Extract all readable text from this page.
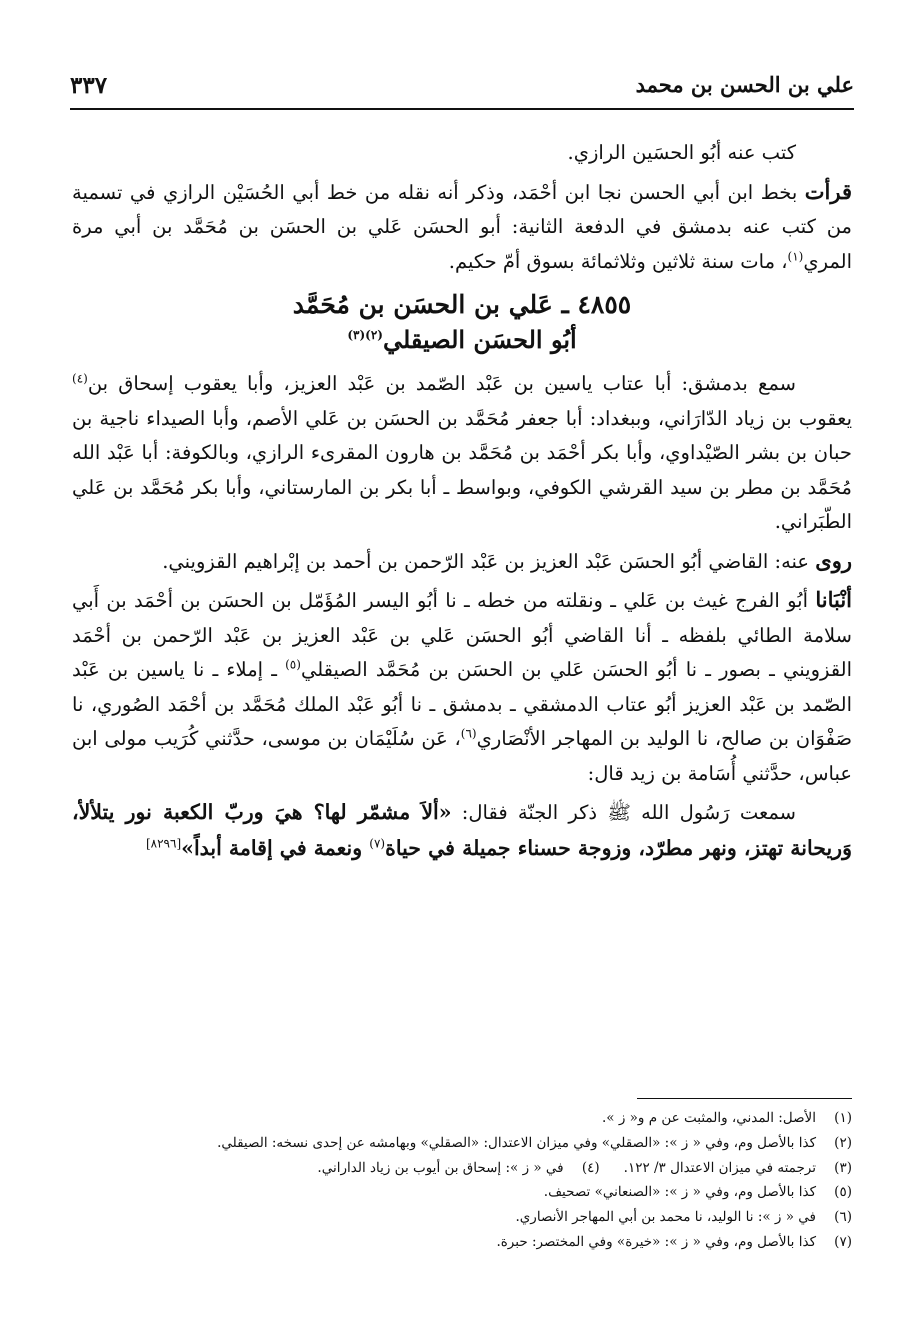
علي بن الحسن بن محمد
٣٣٧

كتب عنه أبُو الحسَين الرازي.

قرأت بخط ابن أبي الحسن نجا ابن أحْمَد، وذكر أنه نقله من خط أبي الحُسَيْن الرازي في تسمية من كتب عنه بدمشق في الدفعة الثانية: أبو الحسَن عَلي بن الحسَن بن مُحَمَّد بن أبي مرة المري$^{(١)}$، مات سنة ثلاثين وثلاثمائة بسوق أمّ حكيم.

٤٨٥٥ ـ عَلي بن الحسَن بن مُحَمَّد
أبُو الحسَن الصيقلي$^{(٢)(٣)}$

سمع بدمشق: أبا عتاب ياسين بن عَبْد الصّمد بن عَبْد العزيز، وأبا يعقوب إسحاق بن$^{(٤)}$ يعقوب بن زياد الدّارَاني، وببغداد: أبا جعفر مُحَمَّد بن الحسَن بن عَلي الأصم، وأبا الصيداء ناجية بن حبان بن بشر الصّيْداوي، وأبا بكر أحْمَد بن مُحَمَّد بن هارون المقرىء الرازي، وبالكوفة: أبا عَبْد الله مُحَمَّد بن مطر بن سيد القرشي الكوفي، وبواسط ـ أبا بكر بن المارستاني، وأبا بكر مُحَمَّد بن عَلي الطّبَراني.

روى عنه: القاضي أبُو الحسَن عَبْد العزيز بن عَبْد الرّحمن بن أحمد بن إبْراهيم القزويني.

أنْبَانا أبُو الفرج غيث بن عَلي ـ ونقلته من خطه ـ نا أبُو اليسر المُؤَمّل بن الحسَن بن أحْمَد بن أَبي سلامة الطائي بلفظه ـ أنا القاضي أبُو الحسَن عَلي بن عَبْد العزيز بن عَبْد الرّحمن بن أحْمَد القزويني ـ بصور ـ نا أبُو الحسَن عَلي بن الحسَن بن مُحَمَّد الصيقلي$^{(٥)}$ ـ إملاء ـ نا ياسين بن عَبْد الصّمد بن عَبْد العزيز أبُو عتاب الدمشقي ـ بدمشق ـ نا أبُو عَبْد الملك مُحَمَّد بن أحْمَد الصُوري، نا صَفْوَان بن صالح، نا الوليد بن المهاجر الأنْصَاري$^{(٦)}$، عَن سُلَيْمَان بن موسى، حدَّثني كُرَيب مولى ابن عباس، حدَّثني أُسَامة بن زيد قال:

سمعت رَسُول الله ﷺ ذكر الجنّة فقال: «ألاَ مشمّر لها؟ هيَ وربّ الكعبة نور يتلألأ، وَريحانة تهتز، ونهر مطرّد، وزوجة حسناء جميلة في حياة$^{(٧)}$ ونعمة في إقامة أبداً»[٨٢٩٦]

(١)
الأصل: المدني، والمثبت عن م و« ز ».
(٢)
كذا بالأصل وم، وفي « ز »: «الصقلي» وفي ميزان الاعتدال: «الصقلي» وبهامشه عن إحدى نسخه: الصيقلي.
(٣)
ترجمته في ميزان الاعتدال ٣/ ١٢٢.
(٤)
في « ز »: إسحاق بن أيوب بن زياد الداراني.
(٥)
كذا بالأصل وم، وفي « ز »: «الصنعاني» تصحيف.
(٦)
في « ز »: نا الوليد، نا محمد بن أبي المهاجر الأنصاري.
(٧)
كذا بالأصل وم، وفي « ز »: «خيرة» وفي المختصر: حبرة.
